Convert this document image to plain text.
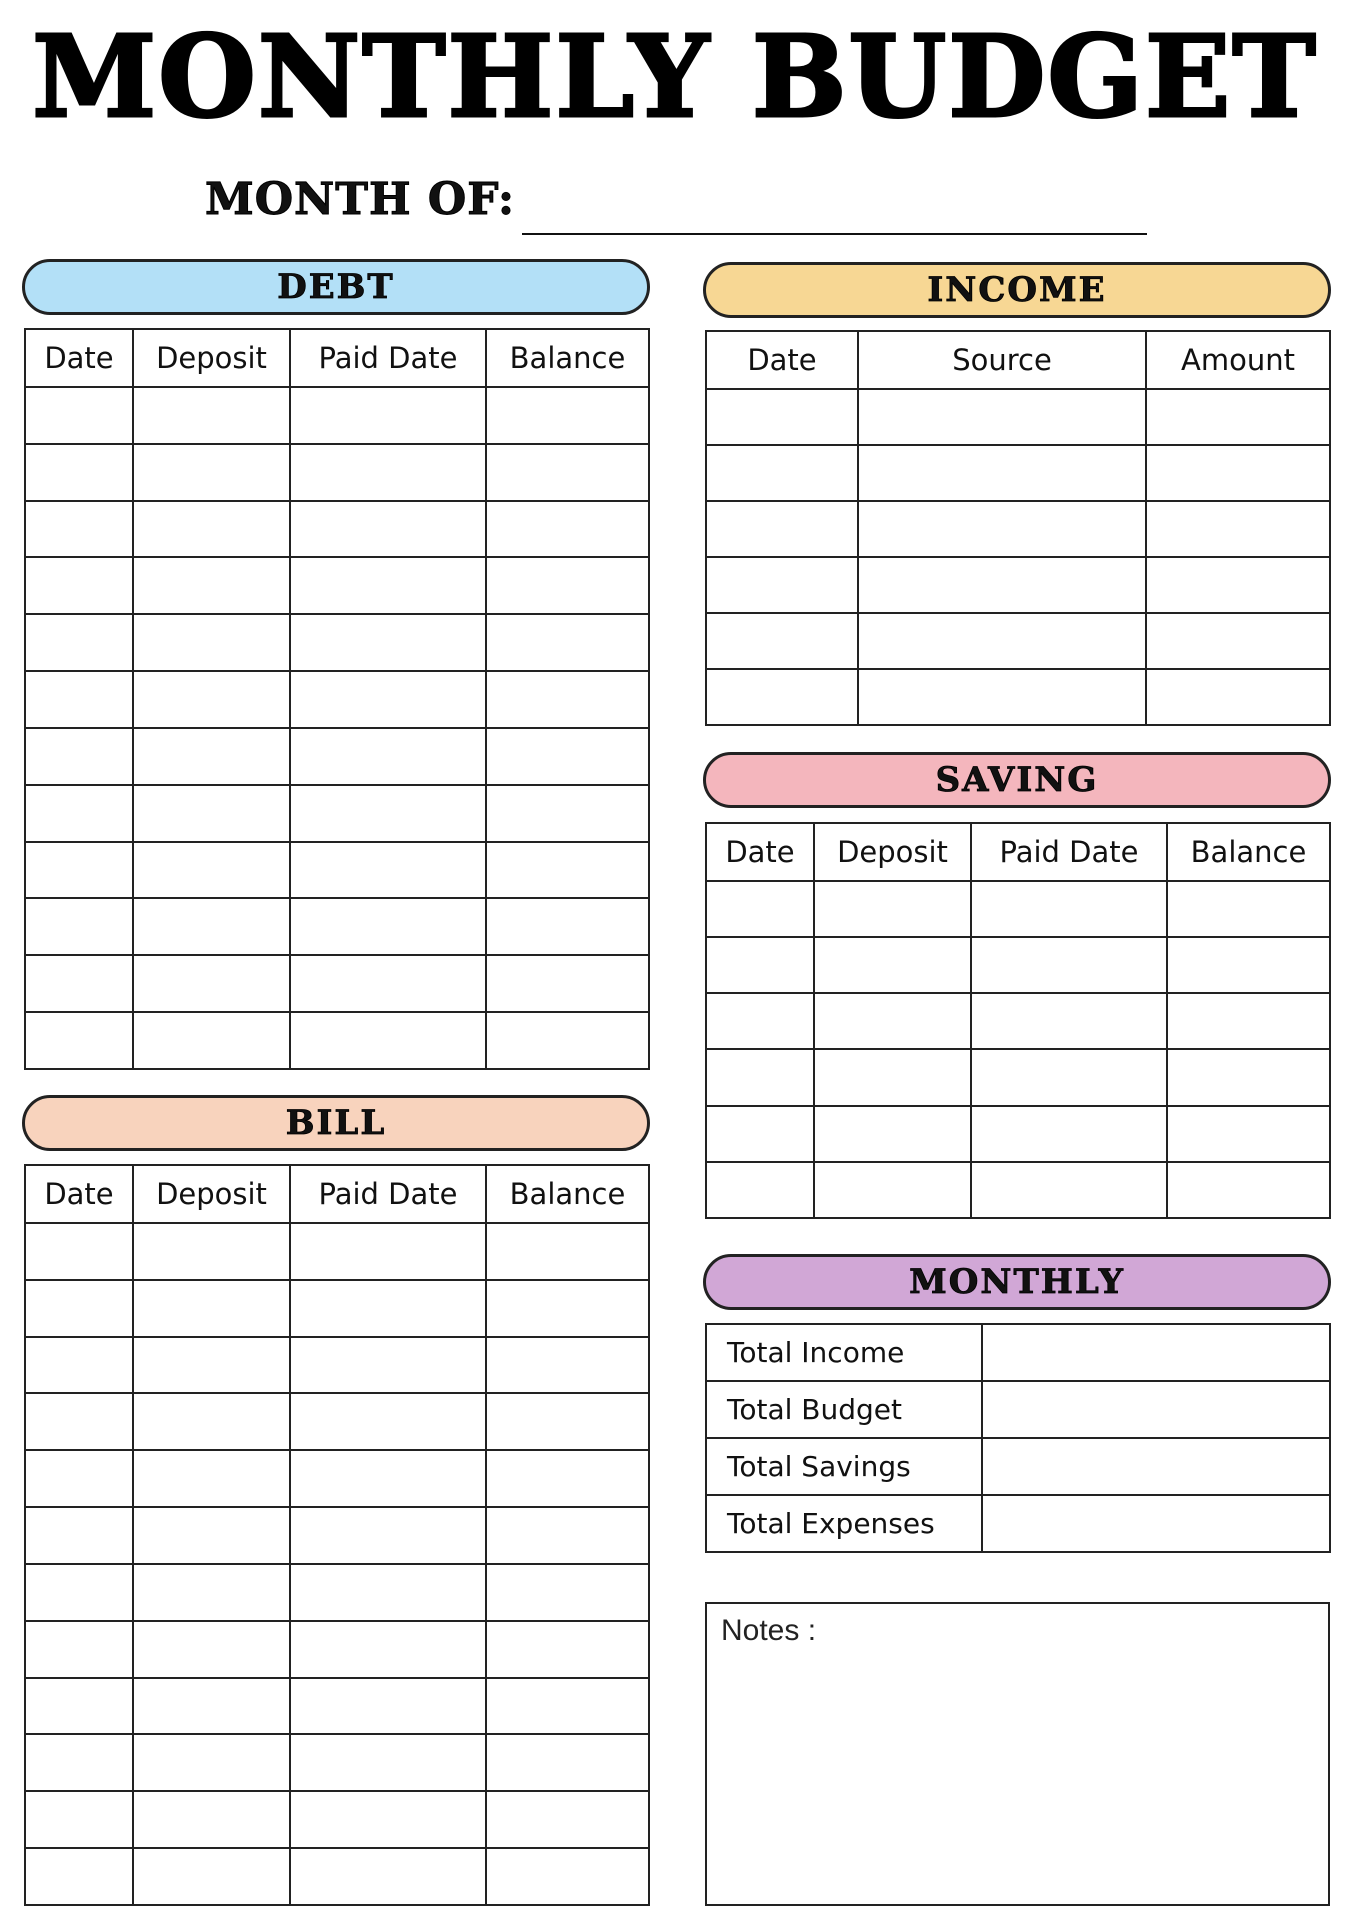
MONTHLY BUDGET
MONTH OF:
DEBT
Date	Deposit	Paid Date	Balance

BILL
Date	Deposit	Paid Date	Balance

INCOME
Date	Source	Amount

SAVING
Date	Deposit	Paid Date	Balance

MONTHLY
Total Income	
Total Budget	
Total Savings	
Total Expenses	
Notes :
